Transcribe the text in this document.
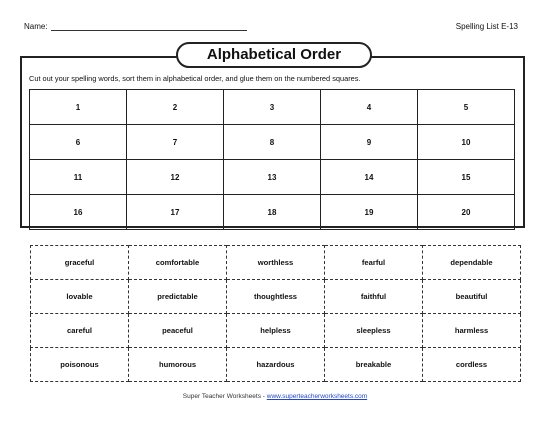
Name:	Spelling List E-13
Alphabetical Order
Cut out your spelling words, sort them in alphabetical order, and glue them on the numbered squares.
1	2	3	4	5
6	7	8	9	10
11	12	13	14	15
16	17	18	19	20
graceful	comfortable	worthless	fearful	dependable
lovable	predictable	thoughtless	faithful	beautiful
careful	peaceful	helpless	sleepless	harmless
poisonous	humorous	hazardous	breakable	cordless
Super Teacher Worksheets - www.superteacherworksheets.com
